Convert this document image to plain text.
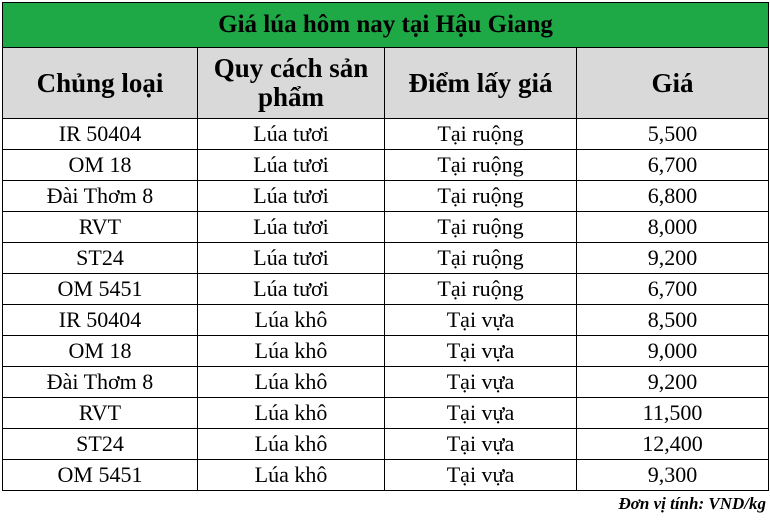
Giá lúa hôm nay tại Hậu Giang			
Chủng loại	Quy cách sản phẩm	Điểm lấy giá	Giá
IR 50404	Lúa tươi	Tại ruộng	5,500
OM 18	Lúa tươi	Tại ruộng	6,700
Đài Thơm 8	Lúa tươi	Tại ruộng	6,800
RVT	Lúa tươi	Tại ruộng	8,000
ST24	Lúa tươi	Tại ruộng	9,200
OM 5451	Lúa tươi	Tại ruộng	6,700
IR 50404	Lúa khô	Tại vựa	8,500
OM 18	Lúa khô	Tại vựa	9,000
Đài Thơm 8	Lúa khô	Tại vựa	9,200
RVT	Lúa khô	Tại vựa	11,500
ST24	Lúa khô	Tại vựa	12,400
OM 5451	Lúa khô	Tại vựa	9,300
Đơn vị tính: VND/kg
